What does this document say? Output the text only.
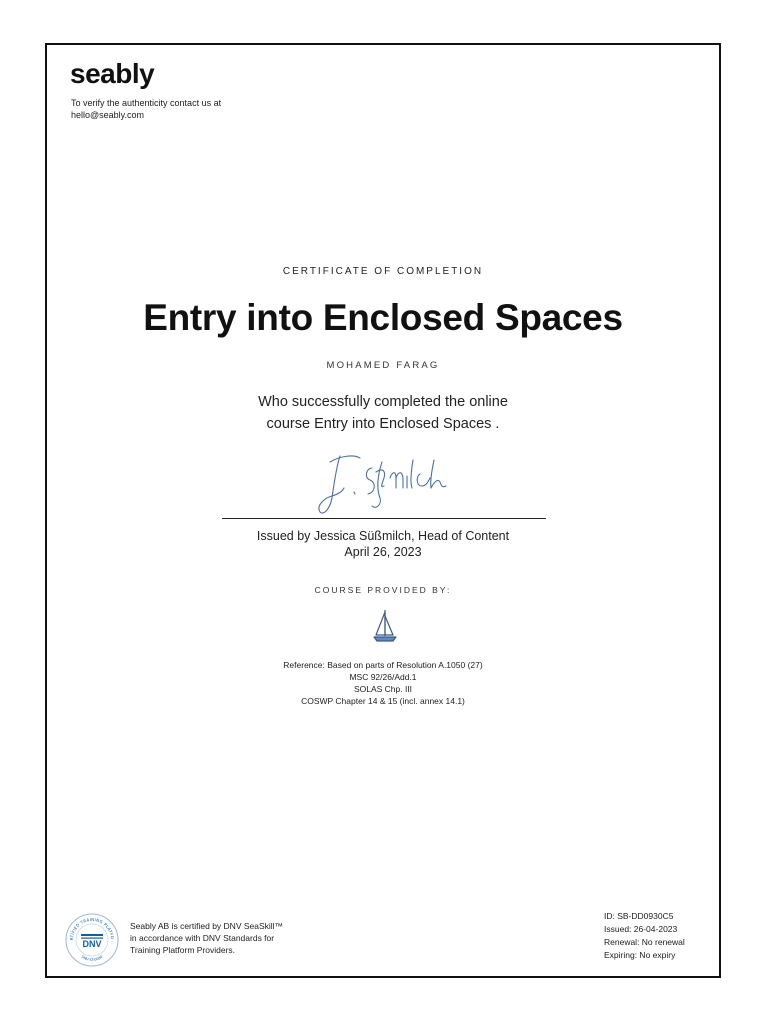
seably
To verify the authenticity contact us at hello@seably.com
CERTIFICATE OF COMPLETION
Entry into Enclosed Spaces
MOHAMED FARAG
Who successfully completed the online
course Entry into Enclosed Spaces .
Issued by Jessica Süßmilch, Head of Content
April 26, 2023
COURSE PROVIDED BY:
Reference: Based on parts of Resolution A.1050 (27)
MSC 92/26/Add.1
SOLAS Chp. III
COSWP Chapter 14 & 15 (incl. annex 14.1)
RTIFIED TRAINING PLATFO
DNV
DNV-ST-0080
Seably AB is certified by DNV SeaSkill™
in accordance with DNV Standards for
Training Platform Providers.
ID: SB-DD0930C5
Issued: 26-04-2023
Renewal: No renewal
Expiring: No expiry
